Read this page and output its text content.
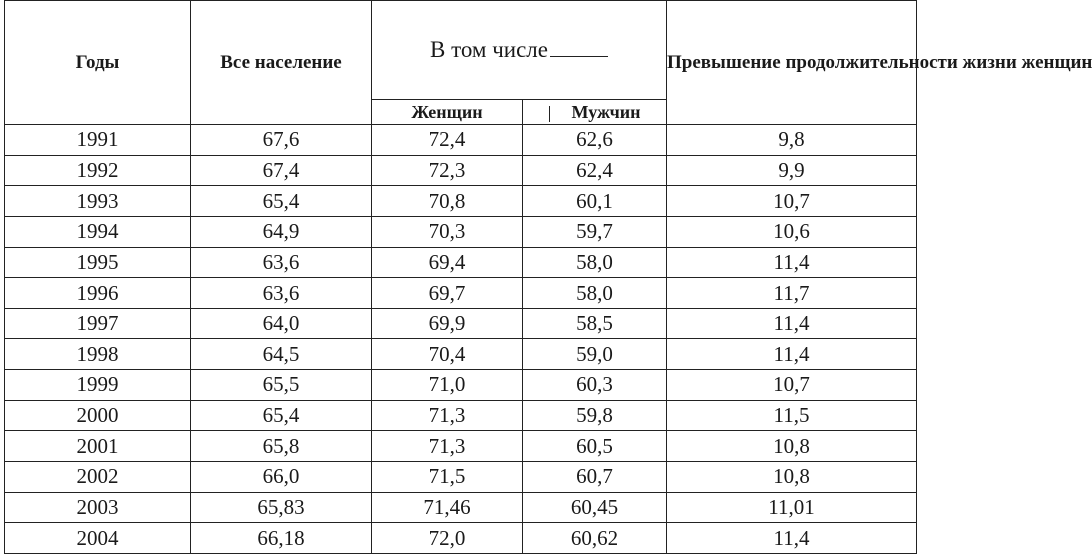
Годы	Все население	В том числе		Превышение продолжительности жизни женщин
		Женщин	Мужчин	
1991	67,6	72,4	62,6	9,8
1992	67,4	72,3	62,4	9,9
1993	65,4	70,8	60,1	10,7
1994	64,9	70,3	59,7	10,6
1995	63,6	69,4	58,0	11,4
1996	63,6	69,7	58,0	11,7
1997	64,0	69,9	58,5	11,4
1998	64,5	70,4	59,0	11,4
1999	65,5	71,0	60,3	10,7
2000	65,4	71,3	59,8	11,5
2001	65,8	71,3	60,5	10,8
2002	66,0	71,5	60,7	10,8
2003	65,83	71,46	60,45	11,01
2004	66,18	72,0	60,62	11,4
